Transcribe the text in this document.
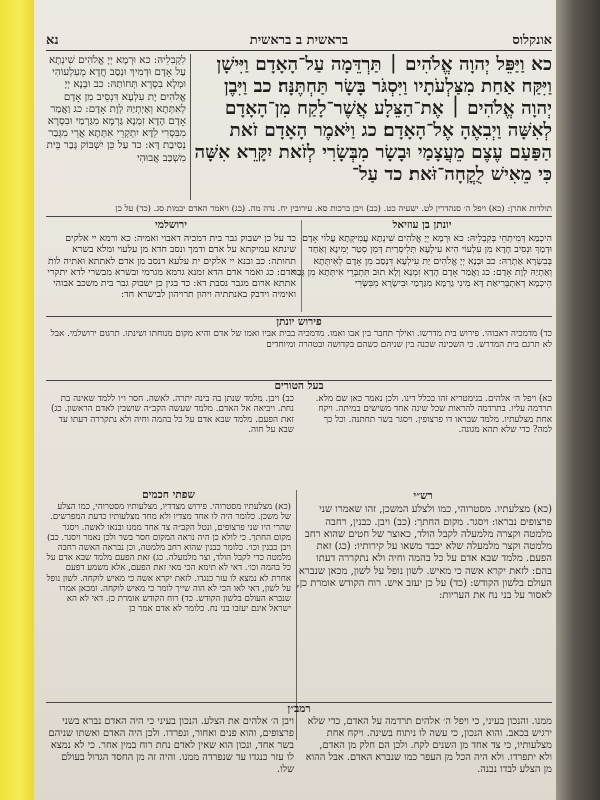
אונקלוס
בראשית ב בראשית
נא

כא וַיַּפֵּל יְהוָה אֱלֹהִים ׀ תַּרְדֵּמָה עַל־הָאָדָם וַיִּישָׁן וַיִּקַּח אַחַת מִצַּלְעֹתָיו וַיִּסְגֹּר בָּשָׂר תַּחְתֶּנָּה׃ כב וַיִּבֶן יְהוָה אֱלֹהִים ׀ אֶת־הַצֵּלָע אֲשֶׁר־לָקַח מִן־הָאָדָם לְאִשָּׁה וַיְבִאֶהָ אֶל־הָאָדָם׃ כג וַיֹּאמֶר הָאָדָם זֹאת הַפַּעַם עֶצֶם מֵעֲצָמַי וּבָשָׂר מִבְּשָׂרִי לְזֹאת יִקָּרֵא אִשָּׁה כִּי מֵאִישׁ לֻקֳחָה־זֹּאת׃ כד עַל־

לִקְבִלֵיהּ: כא וּרְמָא יְיָ אֱלֹהִים שִׁינְתָא עַל אָדָם וּדְמִיךְ וּנְסַב חֲדָא מֵעִלְעוֹהִי וּמְלָא בִסְרָא תְּחוֹתַהּ: כב וּבְנָא יְיָ אֱלֹהִים יָת עִלְעָא דִּנְסֵיב מִן אָדָם לְאִתְּתָא וְאַיְתְיַהּ לְוָת אָדָם: כג וַאֲמַר אָדָם הָדָא זִמְנָא גַּרְמָא מִגַּרְמַי וּבִסְרָא מִבִּסְרִי לְדָא יִתְקְרֵי אִתְּתָא אֲרֵי מִגְּבַר נְסִיבַת דָּא: כד עַל כֵּן יִשְׁבּוֹק גְּבַר בֵּית מִשְׁכַּב אֲבוּהִי

תולדות אהרן: (כא) ויפל ה׳ סנהדרין לט. ישעיה כט. (כב) ויבן ברכות סא. עירובין יח. נדה מה. (כג) ויאמר האדם יבמות סג. (כד) על כן
יונתן בן עוזיאל

הִיכְמַא דְּמִיתְחֵי בְּקִבְלֵיהּ: כא וּרְמָא יְיָ אֱלֹהִים שִׁינְתָא עֲמִיקְתָא עֲלוֹי אָדָם וּדְמַךְ וּנְסִיב חָדָא מִן עִלְעוֹי הִיא עִילְעָא תְּלִיסְרַית דְּמִן סְטַר יְמִינָא וְאַחַד בְּבִשְׂרָא אַתְרַהּ: כב וּבְנָא יְיָ אֱלֹהִים יַת עִילְעָא דִּנְסַב מִן אָדָם לְאִיתְּתָא וְאַתְיַהּ לְוָת אָדָם: כג וַאֲמַר אָדָם הָדָא זִמְנָא וְלָא תוּב תִּתְבְּרֵי אִיתְּתָא מִן גְּבַר הֵיכְמָא דְאִתְבְּרִיאַת דָּא מִינִי גַרְמָא מִגַּרְמַי וּבִישְׂרָא מִבִּשְׂרִי

ירושלמי

כד על כן ישבוק גבר בית דמכיה דאבוי ואמיה: כא ורמא יי אלקים שינתא עמיקתא על אדם ודמך ונסב חדא מן עלעוי ומלא בשרא תחותה: כב ובנא יי אלקים ית עלעא דנסב מן אדם לאתתא ואתיה לות אדם: כג ואמר אדם הדא זמנא גרמא מגרמי ובשרא מבשרי לדא יתקרי אתתא ארום מגבר נסבת דא: כד בגין כן ישבוק גבר בית משכב אבוהי ואימיה וידבק באנתתיה ויהון תרויהון לבישרא חד:

פירוש יונתן

כד) מדמכיה דאבוהי. פירוש בית מדרשו. ואילך תחבר בין אבו ואמו. מדמכיה בבית אביו ואמו של אדם והיא מקום מנוחתו ושינתו. תרגום ירושלמי. אבל לא תרגם בית המדרש. כי השכינה שכנה בין שניהם כשהם בקדושה ובטהרה ומיוחדים

בעל הטורים

כא) ויפל ה׳ אלהים. בגימטריא זהו בכלל דינו. ולכן נאמר כאן שם מלא. תרדמה עליו. בתרדמה להראות שכל שינה אחד משישים במיתה. ויקח אחת מצלעתיו. מלמד שבראו דו פרצופין. ויסגר בשר תחתנה. וכל כך למה? כדי שלא תהא מגונה.

כב) ויבן. מלמד שנתן בה בינה יתרה. לאשה. חסר ו״ו ללמד שאינה בת נחת. ויביאה אל האדם. מלמד שעשה הקב״ה שושבין לאדם הראשון. כג) זאת הפעם. מלמד שבא אדם על כל בהמה וחיה ולא נתקררה דעתו עד שבא על חוה.

רש״י

(כא) מצלעתיו. מסטרוהי, כמו ולצלע המשכן, זהו שאמרו שני פרצופים נבראו: ויסגר. מקום החתך: (כב) ויבן. כבנין, רחבה מלמטה וקצרה מלמעלה לקבל הולד, כאוצר של חטים שהוא רחב מלמטה וקצר מלמעלה שלא יכבד משאו על קירותיו: (כג) זאת הפעם. מלמד שבא אדם על כל בהמה וחיה ולא נתקררה דעתו בהם: לזאת יקרא אשה כי מאיש. לשון נופל על לשון, מכאן שנברא העולם בלשון הקודש: (כד) על כן יעזב איש. רוח הקודש אומרת כן, לאסור על בני נח את העריות:

שפתי חכמים

(כא) מצלעתיו מסטרוהי. פירוש מצדדיו, מצלעותיו מסטרוהי, כמו הצלע של משכן. כלומר היה לו אחד מצדיו ולא מחד מצלעותיו כדעת המפרשים. שהרי היו שני פרצופים, ונטל הקב״ה צד אחד ממנו ובנאו לאשה. ויסגר מקום החתך. כי לולא כן היה נראה המקום חסר בשר ולכן נאמר ויסגר. כב) ויבן כבנין וכו׳. כלומר כבנין שהוא רחב מלמטה, וכן נבראה האשה רחבה מלמטה כדי לקבל הולד, וצר מלמעלה. כג) זאת הפעם מלמד שבא אדם על כל בהמה וכו׳. דאי לא תימא הכי מאי זאת הפעם, אלא משמע דפעם אחרת לא נמצא לו עזר כנגדו. לזאת יקרא אשה כי מאיש לוקחה. לשון נופל על לשון, דאי לאו הכי לא הוה שייך לומר כי מאיש לוקחה. ומכאן אמרו שנברא העולם בלשון הקודש. כד) רוח הקודש אומרת כן. דאי לא הא ישראל אינם יעזבו בני נח. כלומר לא אדם אמר כן

רמב״ן

ממנו. והנכון בעיני, כי ויפל ה׳ אלהים תרדמה על האדם, כדי שלא ירגיש בכאב. והוא הנכון, כי עשה לו ניתוח בשינה. ויקח אחת מצלעותיו, כי צד אחד מן השנים לקח. ולכן הם חלק מן האדם, ולא יתפרדו. ולא היה הכל מן העפר כמו שנברא האדם. אבל ההוא מן הצלע לבדו נבנה.

ויבן ה׳ אלהים את הצלע. הנכון בעיני כי היה האדם נברא בשני פרצופים, והוא פנים ואחור, ונפרדו. ולכן היה האדם ואשתו שניהם בשר אחד, ונכון הוא שאין לאדם נחת רוח במין אחר. כי לא נמצא לו עזר כנגדו עד שנפרדה ממנו. והיה זה מן החסד הגדול בעולם שלו.
